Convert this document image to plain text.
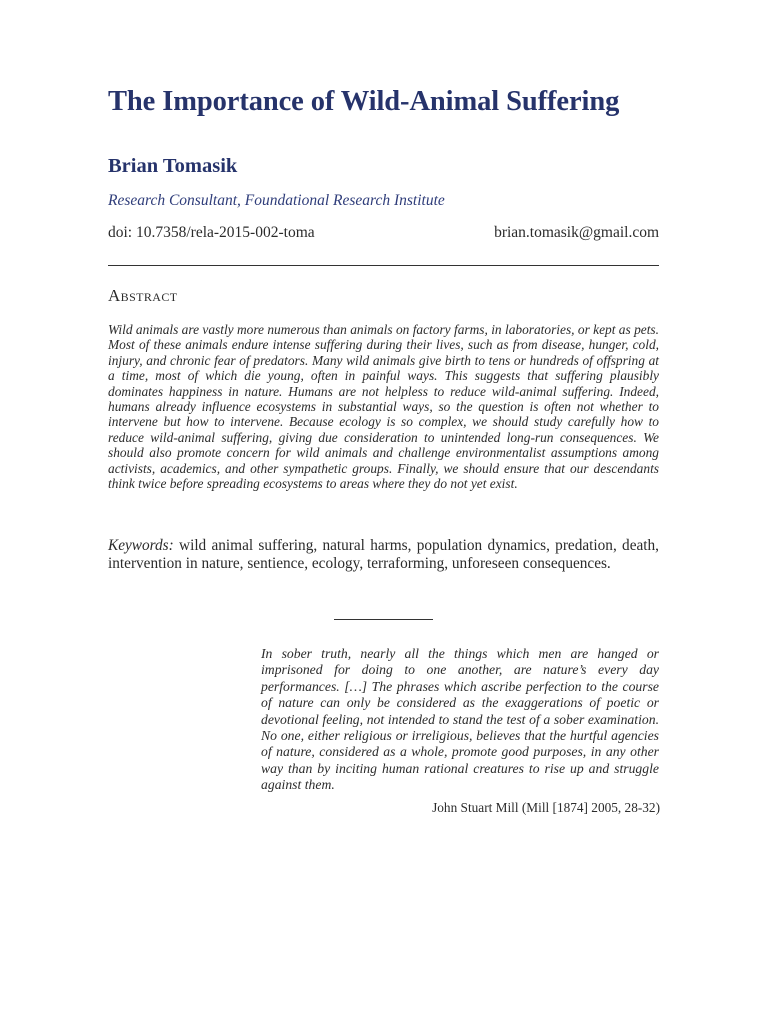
The Importance of Wild-Animal Suffering
Brian Tomasik
Research Consultant, Foundational Research Institute
doi: 10.7358/rela-2015-002-toma	brian.tomasik@gmail.com
Abstract

Wild animals are vastly more numerous than animals on factory farms, in laboratories, or kept as pets. Most of these animals endure intense suffering during their lives, such as from disease, hunger, cold, injury, and chronic fear of predators. Many wild animals give birth to tens or hundreds of offspring at a time, most of which die young, often in painful ways. This suggests that suffering plausibly dominates happiness in nature. Humans are not helpless to reduce wild-animal suffering. Indeed, humans already influence ecosystems in substantial ways, so the question is often not whether to intervene but how to intervene. Because ecology is so complex, we should study carefully how to reduce wild-animal suffering, giving due consideration to unintended long-run consequences. We should also promote concern for wild animals and challenge environmentalist assumptions among activists, academics, and other sympathetic groups. Finally, we should ensure that our descendants think twice before spreading ecosystems to areas where they do not yet exist.

Keywords: wild animal suffering, natural harms, population dynamics, predation, death, intervention in nature, sentience, ecology, terraforming, unforeseen consequences.

In sober truth, nearly all the things which men are hanged or imprisoned for doing to one another, are nature’s every day performances. […] The phrases which ascribe perfection to the course of nature can only be considered as the exaggerations of poetic or devotional feeling, not intended to stand the test of a sober examination. No one, either religious or irreligious, believes that the hurtful agencies of nature, considered as a whole, promote good purposes, in any other way than by inciting human rational creatures to rise up and struggle against them.

John Stuart Mill (Mill [1874] 2005, 28-32)
